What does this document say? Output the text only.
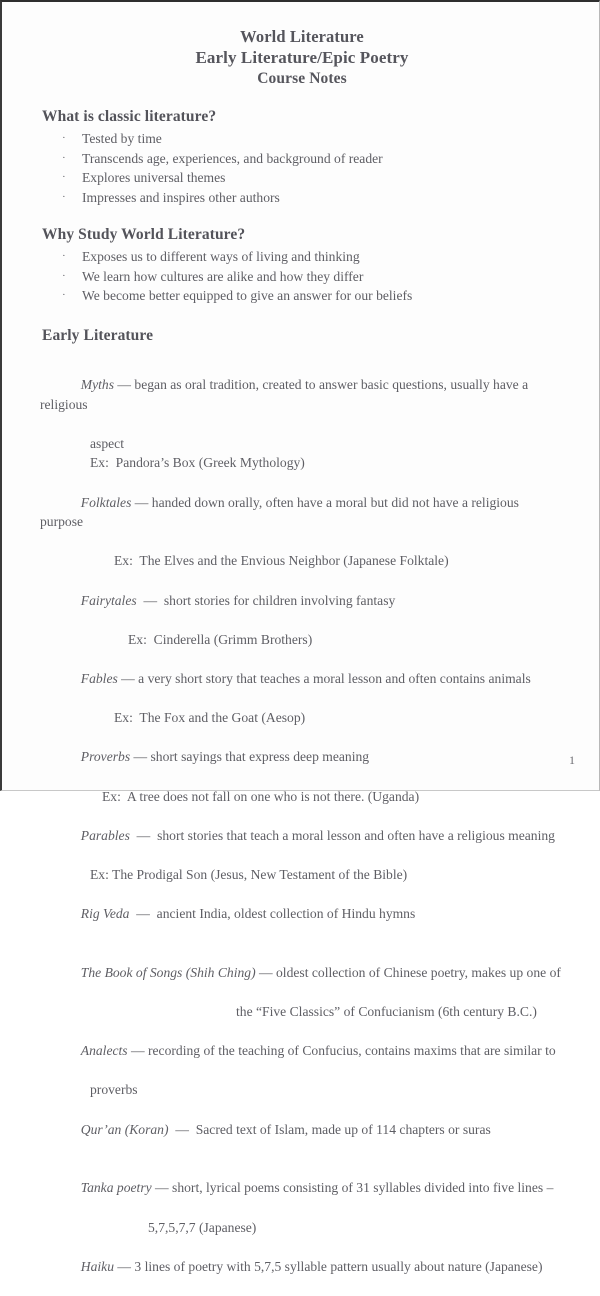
World Literature
Early Literature/Epic Poetry
Course Notes
What is classic literature?
· Tested by time
· Transcends age, experiences, and background of reader
· Explores universal themes
· Impresses and inspires other authors
Why Study World Literature?
· Exposes us to different ways of living and thinking
· We learn how cultures are alike and how they differ
· We become better equipped to give an answer for our beliefs
Early Literature

Myths — began as oral tradition, created to answer basic questions, usually have a religious

aspect
Ex:  Pandora’s Box (Greek Mythology)

Folktales — handed down orally, often have a moral but did not have a religious purpose

Ex:  The Elves and the Envious Neighbor (Japanese Folktale)

Fairytales  —  short stories for children involving fantasy

Ex:  Cinderella (Grimm Brothers)

Fables — a very short story that teaches a moral lesson and often contains animals

Ex:  The Fox and the Goat (Aesop)

Proverbs — short sayings that express deep meaning

Ex:  A tree does not fall on one who is not there. (Uganda)

Parables  —  short stories that teach a moral lesson and often have a religious meaning

Ex: The Prodigal Son (Jesus, New Testament of the Bible)

Rig Veda  —  ancient India, oldest collection of Hindu hymns

The Book of Songs (Shih Ching) — oldest collection of Chinese poetry, makes up one of

the “Five Classics” of Confucianism (6th century B.C.)

Analects — recording of the teaching of Confucius, contains maxims that are similar to

proverbs

Qur’an (Koran)  —  Sacred text of Islam, made up of 114 chapters or suras

Tanka poetry — short, lyrical poems consisting of 31 syllables divided into five lines –

5,7,5,7,7 (Japanese)

Haiku — 3 lines of poetry with 5,7,5 syllable pattern usually about nature (Japanese)

1
